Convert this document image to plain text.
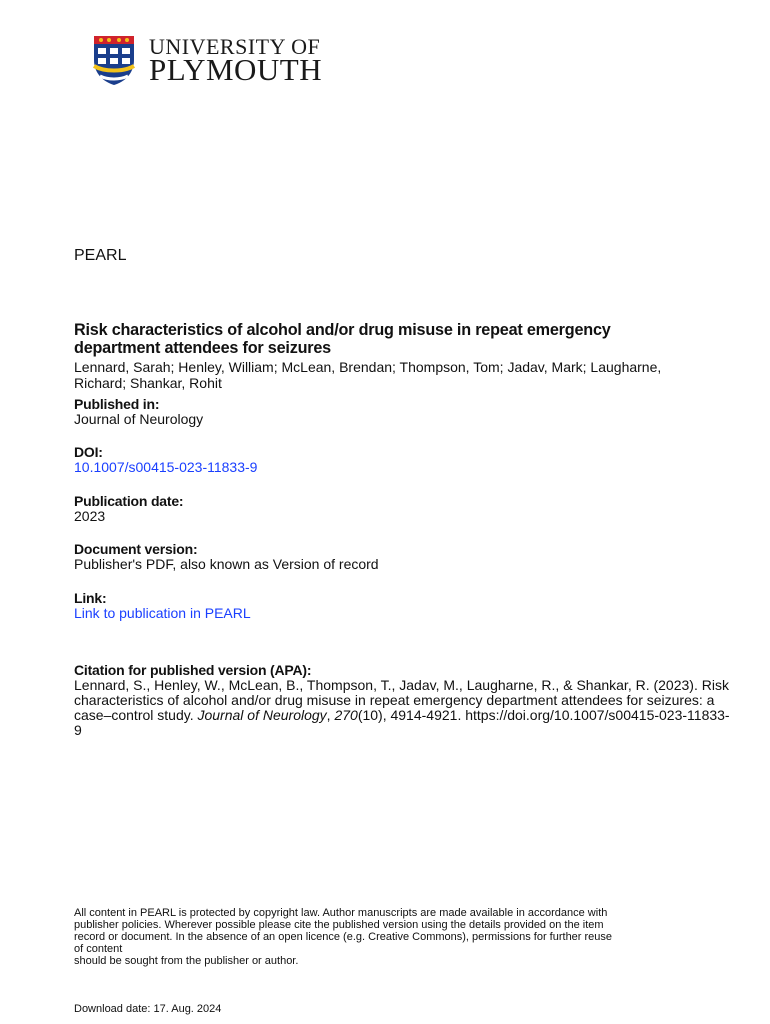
UNIVERSITY OF
PLYMOUTH
PEARL
Risk characteristics of alcohol and/or drug misuse in repeat emergency department attendees for seizures
Lennard, Sarah; Henley, William; McLean, Brendan; Thompson, Tom; Jadav, Mark; Laugharne, Richard; Shankar, Rohit
Published in:
Journal of Neurology
DOI:
10.1007/s00415-023-11833-9
Publication date:
2023
Document version:
Publisher's PDF, also known as Version of record
Link:
Link to publication in PEARL
Citation for published version (APA):
Lennard, S., Henley, W., McLean, B., Thompson, T., Jadav, M., Laugharne, R., & Shankar, R. (2023). Risk characteristics of alcohol and/or drug misuse in repeat emergency department attendees for seizures: a case–control study. Journal of Neurology, 270(10), 4914-4921. https://doi.org/10.1007/s00415-023-11833-9
All content in PEARL is protected by copyright law. Author manuscripts are made available in accordance with
publisher policies. Wherever possible please cite the published version using the details provided on the item
record or document. In the absence of an open licence (e.g. Creative Commons), permissions for further reuse
of content
should be sought from the publisher or author.
Download date: 17. Aug. 2024
